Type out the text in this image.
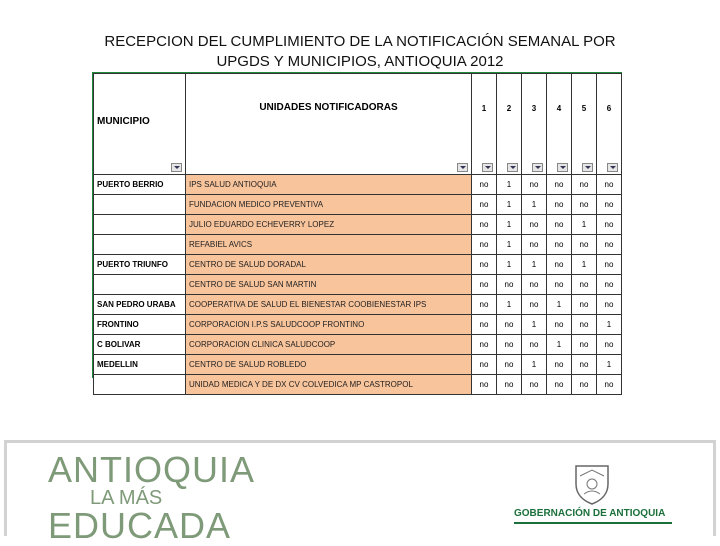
RECEPCION DEL CUMPLIMIENTO DE LA NOTIFICACIÓN SEMANAL POR
UPGDS Y MUNICIPIOS, ANTIOQUIA 2012
MUNICIPIO	UNIDADES NOTIFICADORAS	1	2	3	4	5	6

PUERTO BERRIO	IPS SALUD ANTIOQUIA	no	1	no	no	no	no
	FUNDACION MEDICO PREVENTIVA	no	1	1	no	no	no
	JULIO EDUARDO ECHEVERRY LOPEZ	no	1	no	no	1	no
	REFABIEL AVICS	no	1	no	no	no	no
PUERTO TRIUNFO	CENTRO DE SALUD DORADAL	no	1	1	no	1	no
	CENTRO DE SALUD SAN MARTIN	no	no	no	no	no	no
SAN PEDRO URABA	COOPERATIVA DE SALUD EL BIENESTAR COOBIENESTAR IPS	no	1	no	1	no	no
FRONTINO	CORPORACION I.P.S SALUDCOOP FRONTINO	no	no	1	no	no	1
C BOLIVAR	CORPORACION CLINICA SALUDCOOP	no	no	no	1	no	no
MEDELLIN	CENTRO DE SALUD ROBLEDO	no	no	1	no	no	1
	UNIDAD MEDICA Y DE DX CV COLVEDICA MP CASTROPOL	no	no	no	no	no	no
ANTIOQUIA
LA MÁS
EDUCADA	GOBERNACIÓN DE ANTIOQUIA
